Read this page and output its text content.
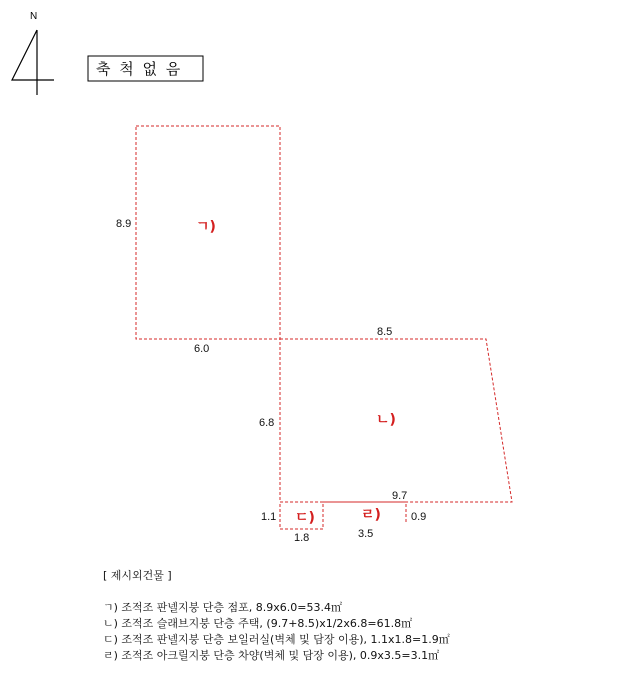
N
축 척 없 음
ㄱ)
ㄴ)
ㄷ)	ㄹ)
8.9
6.0
8.5
6.8
9.7
1.1
1.8	3.5
0.9
[ 제시외건물 ]
ㄱ) 조적조 판넬지붕 단층 점포, 8.9x6.0=53.4㎡
ㄴ) 조적조 슬래브지붕 단층 주택, (9.7+8.5)x1/2x6.8=61.8㎡
ㄷ) 조적조 판넬지붕 단층 보일러실(벽체 및 담장 이용), 1.1x1.8=1.9㎡
ㄹ) 조적조 아크릴지붕 단층 차양(벽체 및 담장 이용), 0.9x3.5=3.1㎡
